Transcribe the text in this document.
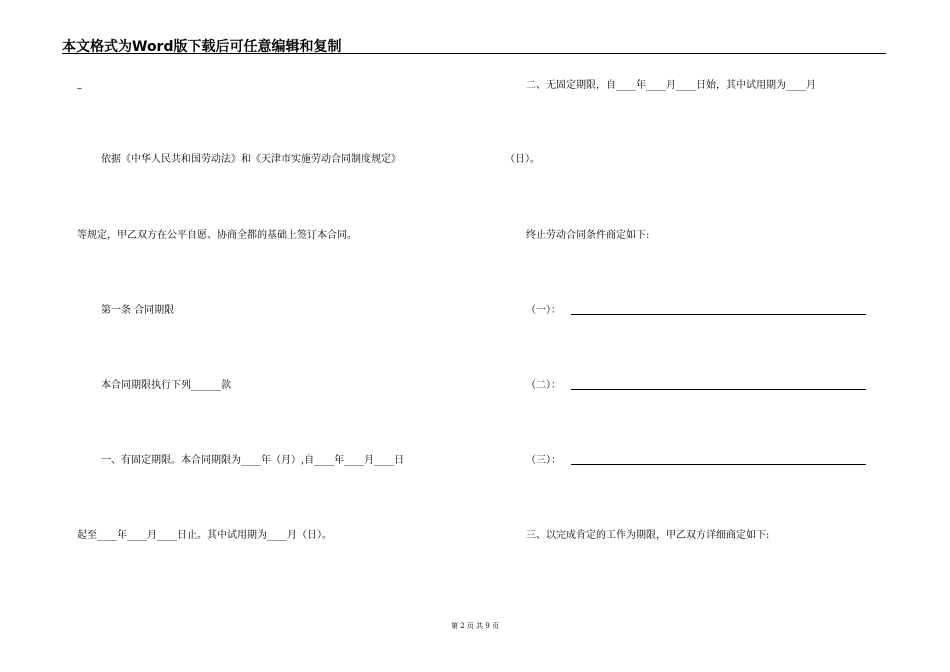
本文格式为Word版下载后可任意编辑和复制
–
依据《中华人民共和国劳动法》和《天津市实施劳动合同制度规定》
等规定，甲乙双方在公平自愿、协商全都的基础上签订本合同。
第一条 合同期限
本合同期限执行下列______款
一、有固定期限。本合同期限为____年（月）,自____年____月____日
起至____年____月____日止。其中试用期为____月（日）。
二、无固定期限，自____年____月____日始，其中试用期为____月
（日）。
终止劳动合同条件商定如下:
（一）：
（二）：
（三）：
三、以完成肯定的工作为期限，甲乙双方详细商定如下:
第 2 页 共 9 页
